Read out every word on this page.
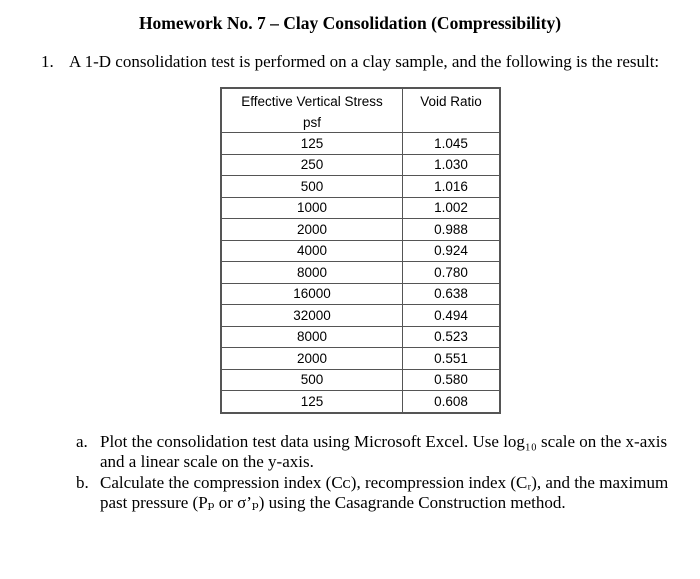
Homework No. 7 – Clay Consolidation (Compressibility)
1. A 1-D consolidation test is performed on a clay sample, and the following is the result:
Effective Vertical Stress
psf	Void Ratio
125	1.045
250	1.030
500	1.016
1000	1.002
2000	0.988
4000	0.924
8000	0.780
16000	0.638
32000	0.494
8000	0.523
2000	0.551
500	0.580
125	0.608
a. Plot the consolidation test data using Microsoft Excel. Use log₁₀ scale on the x-axis and a linear scale on the y-axis.
b. Calculate the compression index (Cᴄ), recompression index (Cᵣ), and the maximum past pressure (Pₚ or σ’ₚ) using the Casagrande Construction method.
